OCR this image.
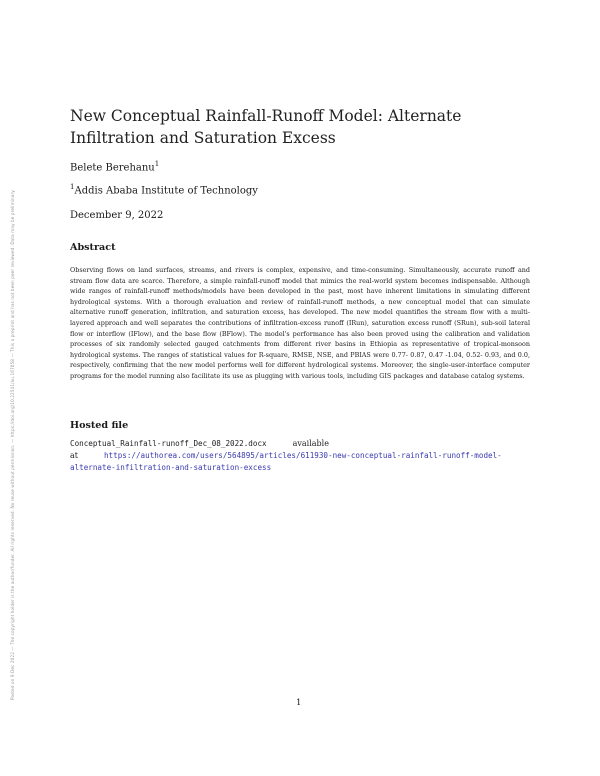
Posted on 9 Dec 2022 — The copyright holder is the author/funder. All rights reserved. No reuse without permission. — https://doi.org/10.22541/au.167058 — This a preprint and has not been peer reviewed. Data may be preliminary.
New Conceptual Rainfall-Runoff Model: Alternate Infiltration and Saturation Excess
Belete Berehanu$^1$
$^1$Addis Ababa Institute of Technology
December 9, 2022
Abstract

Observing flows on land surfaces, streams, and rivers is complex, expensive, and time-consuming. Simultaneously, accurate runoff and stream flow data are scarce. Therefore, a simple rainfall-runoff model that mimics the real-world system becomes indispensable. Although wide ranges of rainfall-runoff methods/models have been developed in the past, most have inherent limitations in simulating different hydrological systems. With a thorough evaluation and review of rainfall-runoff methods, a new conceptual model that can simulate alternative runoff generation, infiltration, and saturation excess, has developed. The new model quantifies the stream flow with a multi-layered approach and well separates the contributions of infiltration-excess runoff (IRun), saturation excess runoff (SRun), sub-soil lateral flow or interflow (IFlow), and the base flow (BFlow). The model's performance has also been proved using the calibration and validation processes of six randomly selected gauged catchments from different river basins in Ethiopia as representative of tropical-monsoon hydrological systems. The ranges of statistical values for R-square, RMSE, NSE, and PBIAS were 0.77- 0.87, 0.47 -1.04, 0.52- 0.93, and 0.0, respectively, confirming that the new model performs well for different hydrological systems. Moreover, the single-user-interface computer programs for the model running also facilitate its use as plugging with various tools, including GIS packages and database catalog systems.

Hosted file

Conceptual_Rainfall-runoff_Dec_08_2022.docx	available at	https://authorea.com/users/564895/articles/611930-new-conceptual-rainfall-runoff-model-alternate-infiltration-and-saturation-excess

1
